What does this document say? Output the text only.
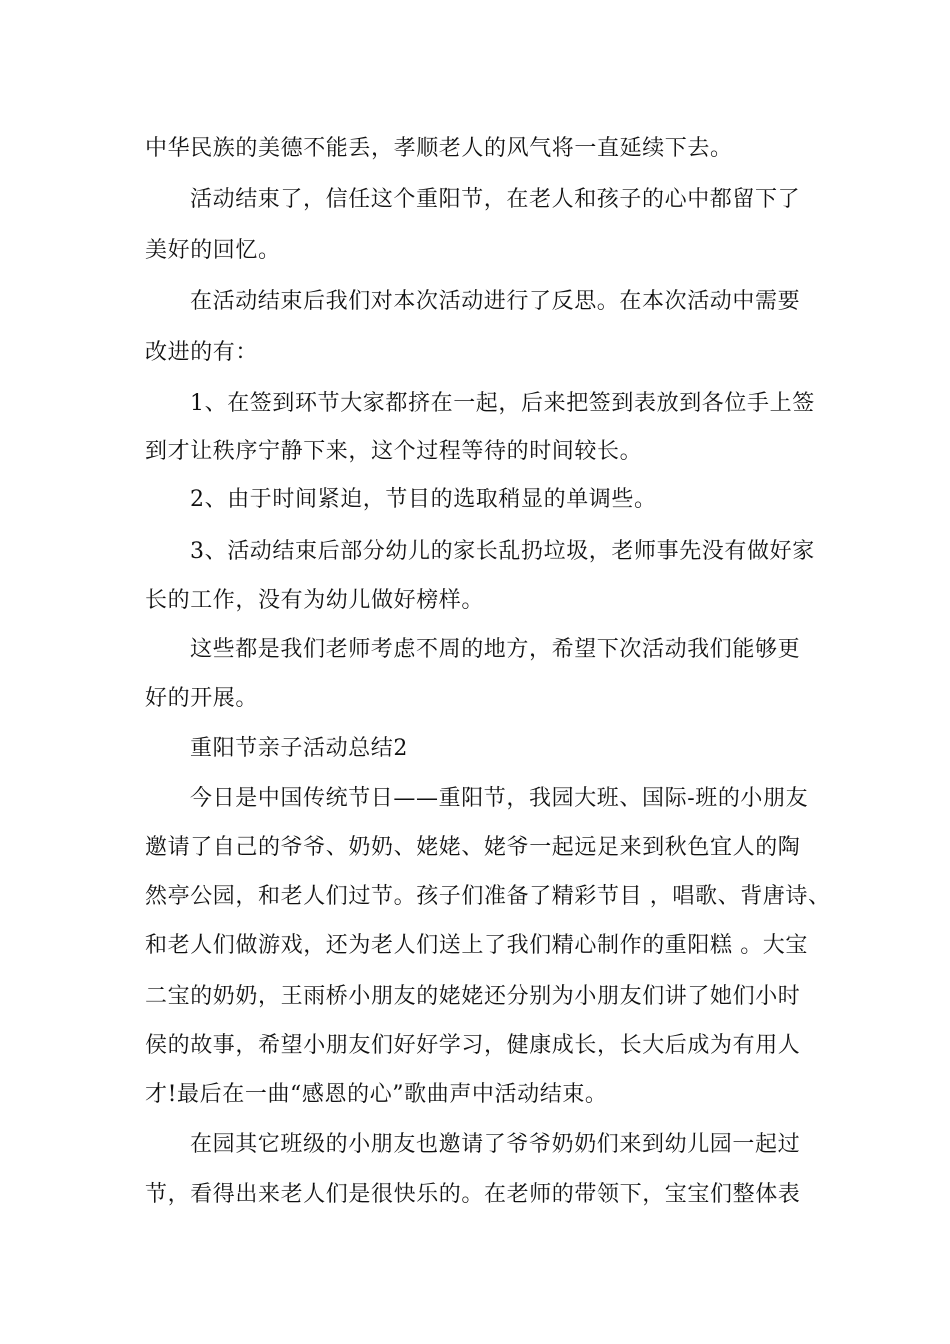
中华民族的美德不能丢，孝顺老人的风气将一直延续下去。

活动结束了，信任这个重阳节，在老人和孩子的心中都留下了

美好的回忆。

在活动结束后我们对本次活动进行了反思。在本次活动中需要

改进的有：

1、在签到环节大家都挤在一起，后来把签到表放到各位手上签

到才让秩序宁静下来，这个过程等待的时间较长。

2、由于时间紧迫，节目的选取稍显的单调些。

3、活动结束后部分幼儿的家长乱扔垃圾，老师事先没有做好家

长的工作，没有为幼儿做好榜样。

这些都是我们老师考虑不周的地方，希望下次活动我们能够更

好的开展。

重阳节亲子活动总结2

今日是中国传统节日——重阳节，我园大班、国际-班的小朋友

邀请了自己的爷爷、奶奶、姥姥、姥爷一起远足来到秋色宜人的陶

然亭公园，和老人们过节。孩子们准备了精彩节目 ，唱歌、背唐诗、

和老人们做游戏，还为老人们送上了我们精心制作的重阳糕 。大宝

二宝的奶奶，王雨桥小朋友的姥姥还分别为小朋友们讲了她们小时

侯的故事，希望小朋友们好好学习，健康成长，长大后成为有用人

才!最后在一曲“感恩的心”歌曲声中活动结束。

在园其它班级的小朋友也邀请了爷爷奶奶们来到幼儿园一起过

节，看得出来老人们是很快乐的。在老师的带领下，宝宝们整体表
